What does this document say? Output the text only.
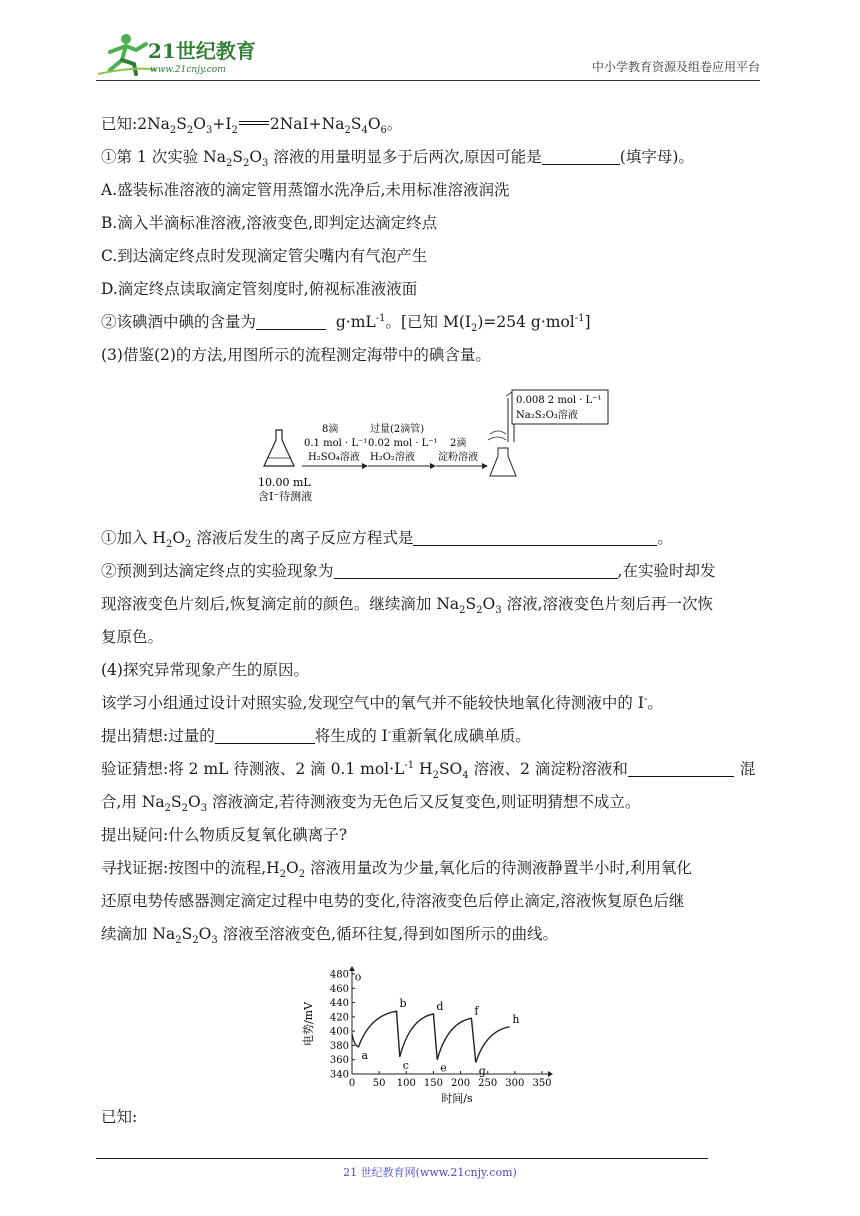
21世纪教育
www.21cnjy.com	中小学教育资源及组卷应用平台

已知$:2Na_2S_2O_3+I_2$ $2NaI+Na_2S_4O_6$。

①第 1 次实验 $Na_2S_2O_3$ 溶液的用量明显多于后两次,原因可能是	(填字母)。

A.盛装标准溶液的滴定管用蒸馏水洗净后,未用标准溶液润洗

B.滴入半滴标准溶液,溶液变色,即判定达滴定终点

C.到达滴定终点时发现滴定管尖嘴内有气泡产生

D.滴定终点读取滴定管刻度时,俯视标准液液面

②该碘酒中碘的含量为	$g\cdot mL^{-1}$。[已知 $M(I_2)=254$ g·mol$^{-1}$]

(3)借鉴(2)的方法,用图所示的流程测定海带中的碘含量。

①加入 $H_2O_2$ 溶液后发生的离子反应方程式是	。

②预测到达滴定终点的实验现象为	,在实验时却发

现溶液变色片刻后,恢复滴定前的颜色。继续滴加 $Na_2S_2O_3$ 溶液,溶液变色片刻后再一次恢

复原色。

(4)探究异常现象产生的原因。

该学习小组通过设计对照实验,发现空气中的氧气并不能较快地氧化待测液中的 I-。

提出猜想:过量的	将生成的 I-重新氧化成碘单质。

验证猜想:将 2 mL 待测液、2 滴 0.1 $mol\cdot L^{-1}$ $H_2SO_4$ 溶液、2 滴淀粉溶液和	混

合,用 $Na_2S_2O_3$ 溶液滴定,若待测液变为无色后又反复变色,则证明猜想不成立。

提出疑问:什么物质反复氧化碘离子?

寻找证据:按图中的流程$,H_2O_2$ 溶液用量改为少量,氧化后的待测液静置半小时,利用氧化

还原电势传感器测定滴定过程中电势的变化,待溶液变色后停止滴定,溶液恢复原色后继

续滴加 $Na_2S_2O_3$ 溶液至溶液变色,循环往复,得到如图所示的曲线。

已知:

10.00 mL
含I⁻待测液
8滴
0.1 mol · L⁻¹
H₂SO₄溶液
过量(2滴管)
0.02 mol · L⁻¹
H₂O₂溶液
2滴
淀粉溶液
0.008 2 mol · L⁻¹
Na₂S₂O₃溶液
0 50 100 150 200 250 300 350
340
360
380
400
420
440
460
480 o
a
b
c
d
e
f
g
h
时间/s
电势/mV
21 世纪教育网(www.21cnjy.com)
